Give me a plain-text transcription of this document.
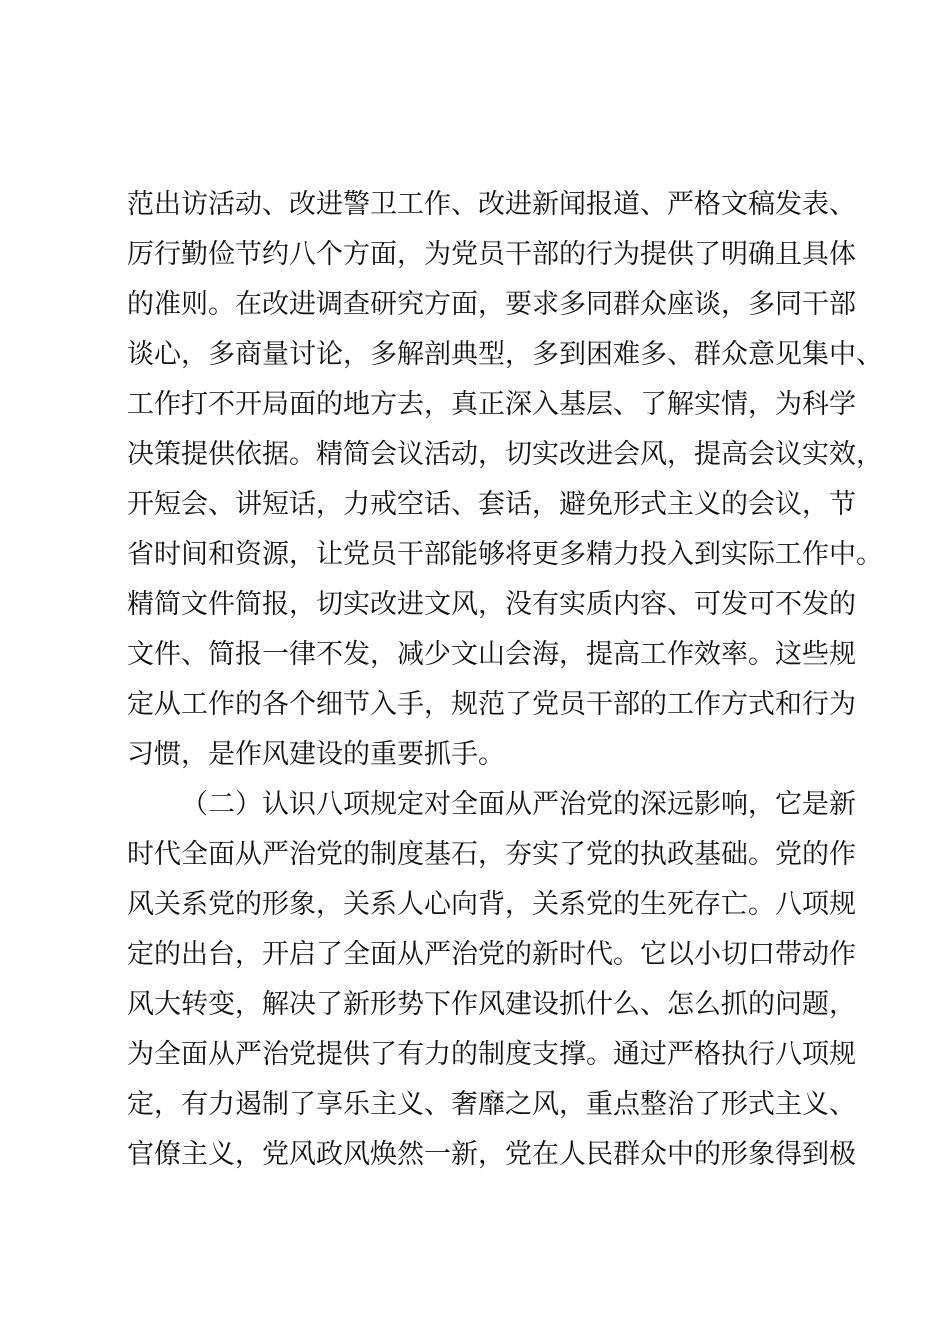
范出访活动、改进警卫工作、改进新闻报道、严格文稿发表、
厉行勤俭节约八个方面，为党员干部的行为提供了明确且具体
的准则。在改进调查研究方面，要求多同群众座谈，多同干部
谈心，多商量讨论，多解剖典型，多到困难多、群众意见集中、
工作打不开局面的地方去，真正深入基层、了解实情，为科学
决策提供依据。精简会议活动，切实改进会风，提高会议实效，
开短会、讲短话，力戒空话、套话，避免形式主义的会议，节
省时间和资源，让党员干部能够将更多精力投入到实际工作中。
精简文件简报，切实改进文风，没有实质内容、可发可不发的
文件、简报一律不发，减少文山会海，提高工作效率。这些规
定从工作的各个细节入手，规范了党员干部的工作方式和行为
习惯，是作风建设的重要抓手。
（二）认识八项规定对全面从严治党的深远影响，它是新
时代全面从严治党的制度基石，夯实了党的执政基础。党的作
风关系党的形象，关系人心向背，关系党的生死存亡。八项规
定的出台，开启了全面从严治党的新时代。它以小切口带动作
风大转变，解决了新形势下作风建设抓什么、怎么抓的问题，
为全面从严治党提供了有力的制度支撑。通过严格执行八项规
定，有力遏制了享乐主义、奢靡之风，重点整治了形式主义、
官僚主义，党风政风焕然一新，党在人民群众中的形象得到极
